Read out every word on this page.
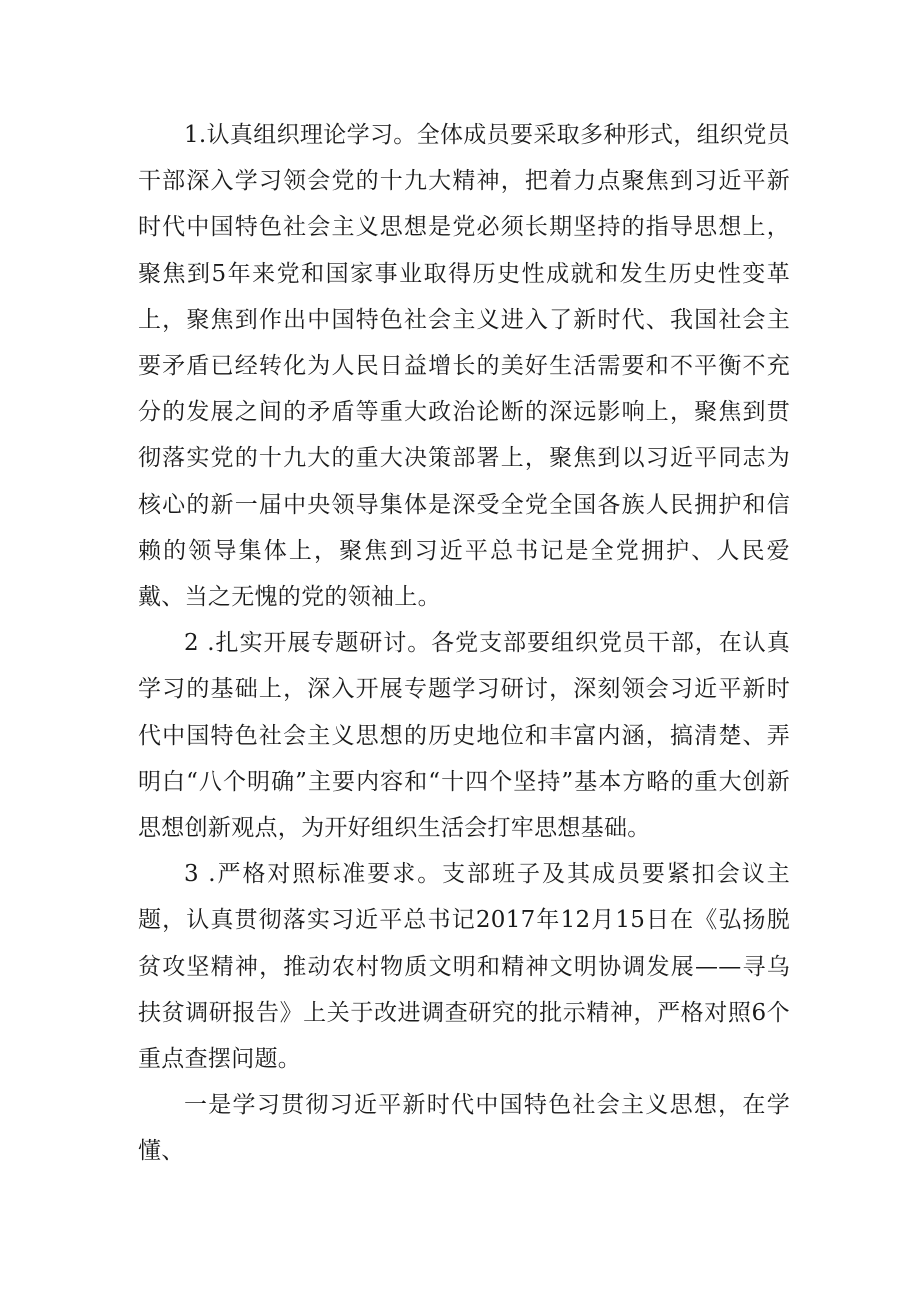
1.认真组织理论学习。全体成员要采取多种形式，组织党员干部深入学习领会党的十九大精神，把着力点聚焦到习近平新时代中国特色社会主义思想是党必须长期坚持的指导思想上，聚焦到5年来党和国家事业取得历史性成就和发生历史性变革上，聚焦到作出中国特色社会主义进入了新时代、我国社会主要矛盾已经转化为人民日益增长的美好生活需要和不平衡不充分的发展之间的矛盾等重大政治论断的深远影响上，聚焦到贯彻落实党的十九大的重大决策部署上，聚焦到以习近平同志为核心的新一届中央领导集体是深受全党全国各族人民拥护和信赖的领导集体上，聚焦到习近平总书记是全党拥护、人民爱戴、当之无愧的党的领袖上。

2 .扎实开展专题研讨。各党支部要组织党员干部，在认真学习的基础上，深入开展专题学习研讨，深刻领会习近平新时代中国特色社会主义思想的历史地位和丰富内涵，搞清楚、弄明白“八个明确”主要内容和“十四个坚持”基本方略的重大创新思想创新观点，为开好组织生活会打牢思想基础。

3 .严格对照标准要求。支部班子及其成员要紧扣会议主题，认真贯彻落实习近平总书记2017年12月15日在《弘扬脱贫攻坚精神，推动农村物质文明和精神文明协调发展——寻乌扶贫调研报告》上关于改进调查研究的批示精神，严格对照6个重点查摆问题。

一是学习贯彻习近平新时代中国特色社会主义思想，在学懂、
